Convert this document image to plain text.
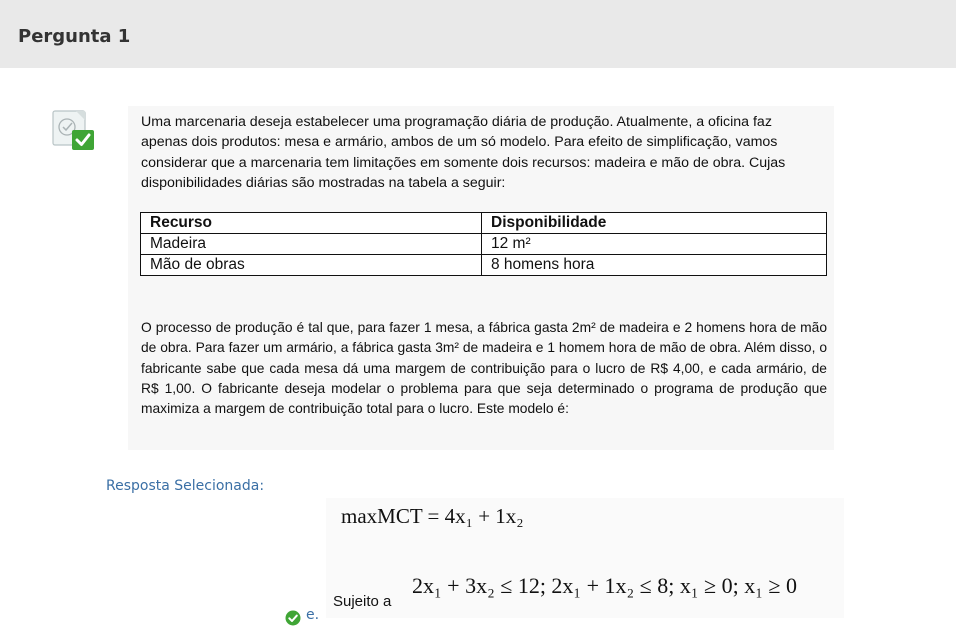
Pergunta 1

Uma marcenaria deseja estabelecer uma programação diária de produção. Atualmente, a oficina faz apenas dois produtos: mesa e armário, ambos de um só modelo. Para efeito de simplificação, vamos considerar que a marcenaria tem limitações em somente dois recursos: madeira e mão de obra. Cujas disponibilidades diárias são mostradas na tabela a seguir:

Recurso	Disponibilidade
Madeira	12 m²
Mão de obras	8 homens hora

O processo de produção é tal que, para fazer 1 mesa, a fábrica gasta 2m² de madeira e 2 homens hora de mão de obra. Para fazer um armário, a fábrica gasta 3m² de madeira e 1 homem hora de mão de obra. Além disso, o fabricante sabe que cada mesa dá uma margem de contribuição para o lucro de R$ 4,00, e cada armário, de R$ 1,00. O fabricante deseja modelar o problema para que seja determinado o programa de produção que maximiza a margem de contribuição total para o lucro. Este modelo é:

Resposta Selecionada:
maxMCT = 4x₁ + 1x₂
Sujeito a
2x₁ + 3x₂ ≤ 12; 2x₁ + 1x₂ ≤ 8; x₁ ≥ 0; x₁ ≥ 0
e.
